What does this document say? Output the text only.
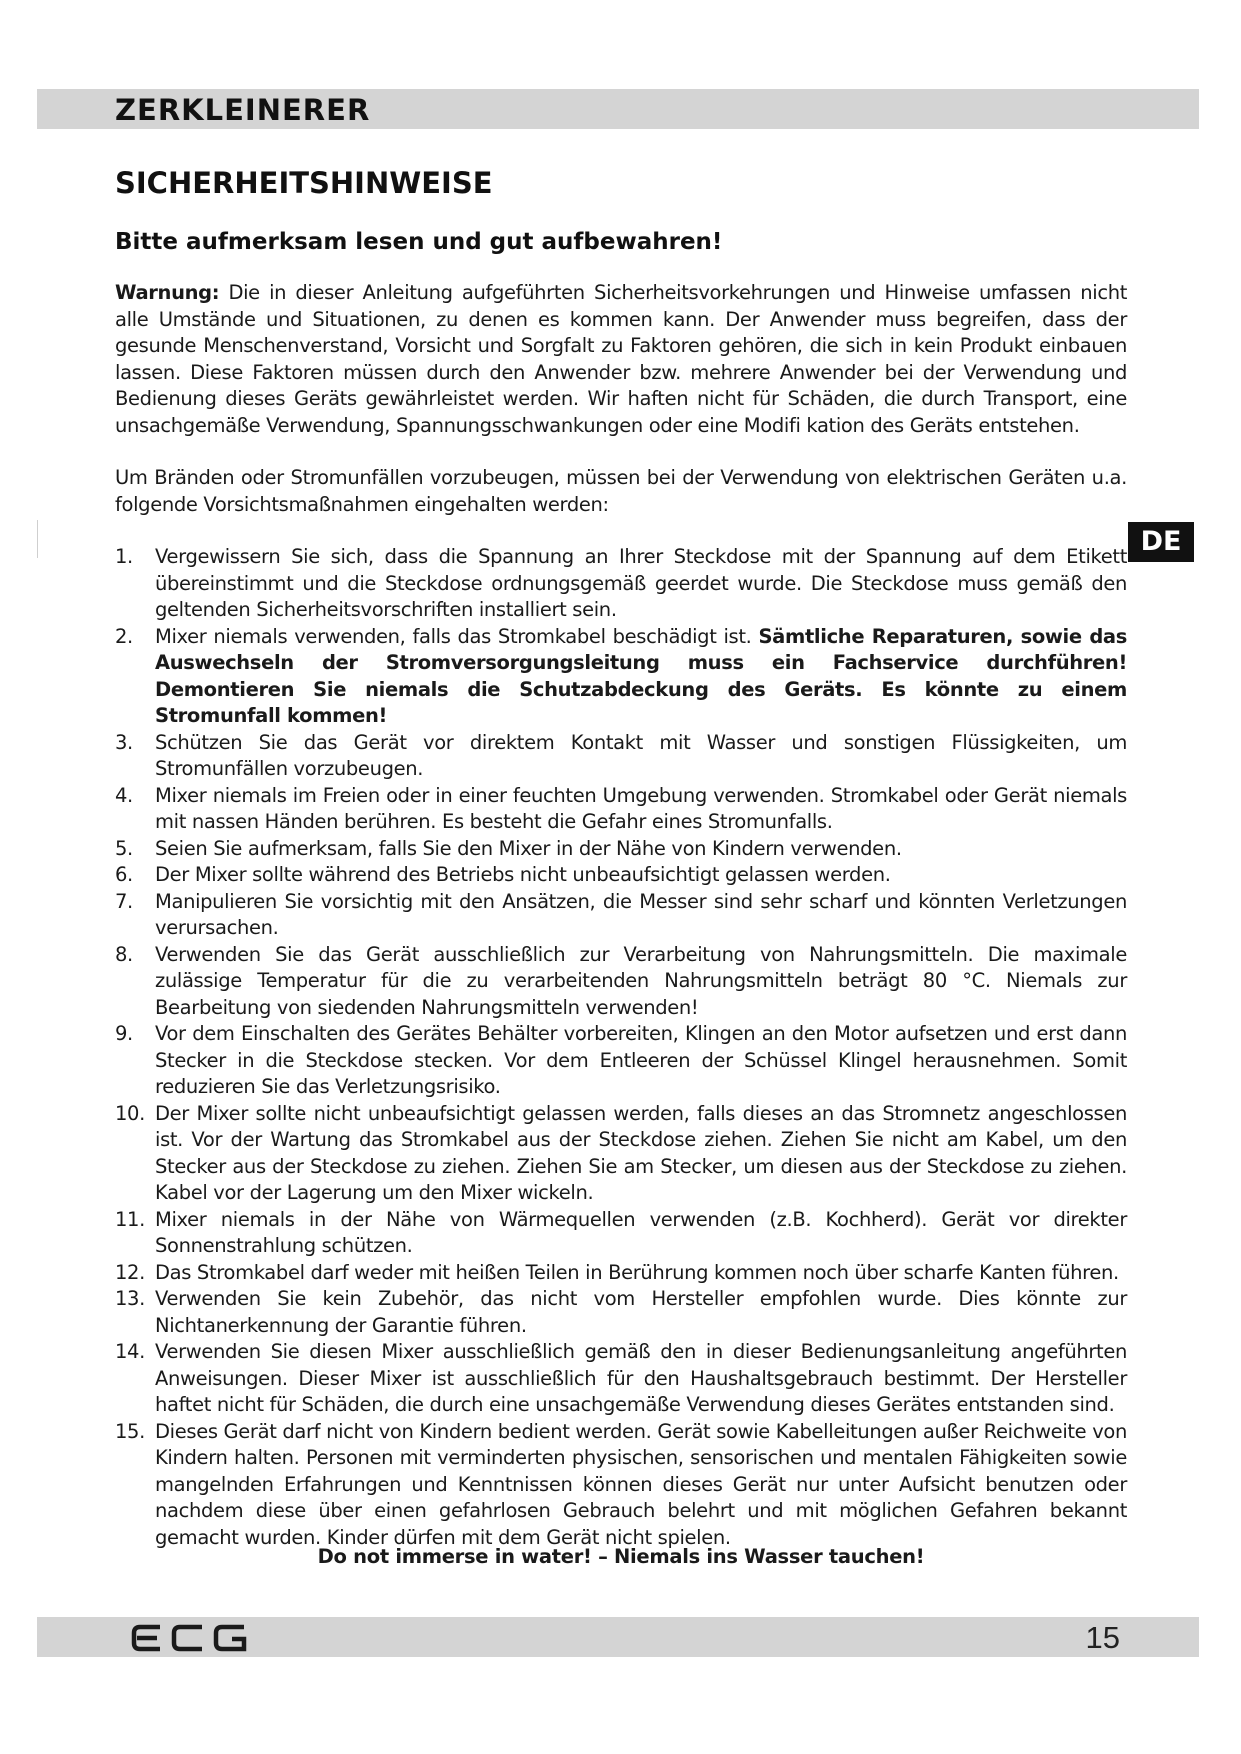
ZERKLEINERER
SICHERHEITSHINWEISE
Bitte aufmerksam lesen und gut aufbewahren!

Warnung: Die in dieser Anleitung aufgeführten Sicherheitsvorkehrungen und Hinweise umfassen nicht alle Umstände und Situationen, zu denen es kommen kann. Der Anwender muss begreifen, dass der gesunde Menschenverstand, Vorsicht und Sorgfalt zu Faktoren gehören, die sich in kein Produkt einbauen lassen. Diese Faktoren müssen durch den Anwender bzw. mehrere Anwender bei der Verwendung und Bedienung dieses Geräts gewährleistet werden. Wir haften nicht für Schäden, die durch Transport, eine unsachgemäße Verwendung, Spannungsschwankungen oder eine Modifi kation des Geräts entstehen.

Um Bränden oder Stromunfällen vorzubeugen, müssen bei der Verwendung von elektrischen Geräten u.a. folgende Vorsichtsmaßnahmen eingehalten werden:

1. Vergewissern Sie sich, dass die Spannung an Ihrer Steckdose mit der Spannung auf dem Etikett übereinstimmt und die Steckdose ordnungsgemäß geerdet wurde. Die Steckdose muss gemäß den geltenden Sicherheitsvorschriften installiert sein.
2. Mixer niemals verwenden, falls das Stromkabel beschädigt ist. Sämtliche Reparaturen, sowie das Auswechseln der Stromversorgungsleitung muss ein Fachservice durchführen! Demontieren Sie niemals die Schutzabdeckung des Geräts. Es könnte zu einem Stromunfall kommen!
3. Schützen Sie das Gerät vor direktem Kontakt mit Wasser und sonstigen Flüssigkeiten, um Stromunfällen vorzubeugen.
4. Mixer niemals im Freien oder in einer feuchten Umgebung verwenden. Stromkabel oder Gerät niemals mit nassen Händen berühren. Es besteht die Gefahr eines Stromunfalls.
5. Seien Sie aufmerksam, falls Sie den Mixer in der Nähe von Kindern verwenden.
6. Der Mixer sollte während des Betriebs nicht unbeaufsichtigt gelassen werden.
7. Manipulieren Sie vorsichtig mit den Ansätzen, die Messer sind sehr scharf und könnten Verletzungen verursachen.
8. Verwenden Sie das Gerät ausschließlich zur Verarbeitung von Nahrungsmitteln. Die maximale zulässige Temperatur für die zu verarbeitenden Nahrungsmitteln beträgt 80 °C. Niemals zur Bearbeitung von siedenden Nahrungsmitteln verwenden!
9. Vor dem Einschalten des Gerätes Behälter vorbereiten, Klingen an den Motor aufsetzen und erst dann Stecker in die Steckdose stecken. Vor dem Entleeren der Schüssel Klingel herausnehmen. Somit reduzieren Sie das Verletzungsrisiko.
10. Der Mixer sollte nicht unbeaufsichtigt gelassen werden, falls dieses an das Stromnetz angeschlossen ist. Vor der Wartung das Stromkabel aus der Steckdose ziehen. Ziehen Sie nicht am Kabel, um den Stecker aus der Steckdose zu ziehen. Ziehen Sie am Stecker, um diesen aus der Steckdose zu ziehen. Kabel vor der Lagerung um den Mixer wickeln.
11. Mixer niemals in der Nähe von Wärmequellen verwenden (z.B. Kochherd). Gerät vor direkter Sonnenstrahlung schützen.
12. Das Stromkabel darf weder mit heißen Teilen in Berührung kommen noch über scharfe Kanten führen.
13. Verwenden Sie kein Zubehör, das nicht vom Hersteller empfohlen wurde. Dies könnte zur Nichtanerkennung der Garantie führen.
14. Verwenden Sie diesen Mixer ausschließlich gemäß den in dieser Bedienungsanleitung angeführten Anweisungen. Dieser Mixer ist ausschließlich für den Haushaltsgebrauch bestimmt. Der Hersteller haftet nicht für Schäden, die durch eine unsachgemäße Verwendung dieses Gerätes entstanden sind.
15. Dieses Gerät darf nicht von Kindern bedient werden. Gerät sowie Kabelleitungen außer Reichweite von Kindern halten. Personen mit verminderten physischen, sensorischen und mentalen Fähigkeiten sowie mangelnden Erfahrungen und Kenntnissen können dieses Gerät nur unter Aufsicht benutzen oder nachdem diese über einen gefahrlosen Gebrauch belehrt und mit möglichen Gefahren bekannt gemacht wurden. Kinder dürfen mit dem Gerät nicht spielen.
Do not immerse in water! – Niemals ins Wasser tauchen!
DE
15
